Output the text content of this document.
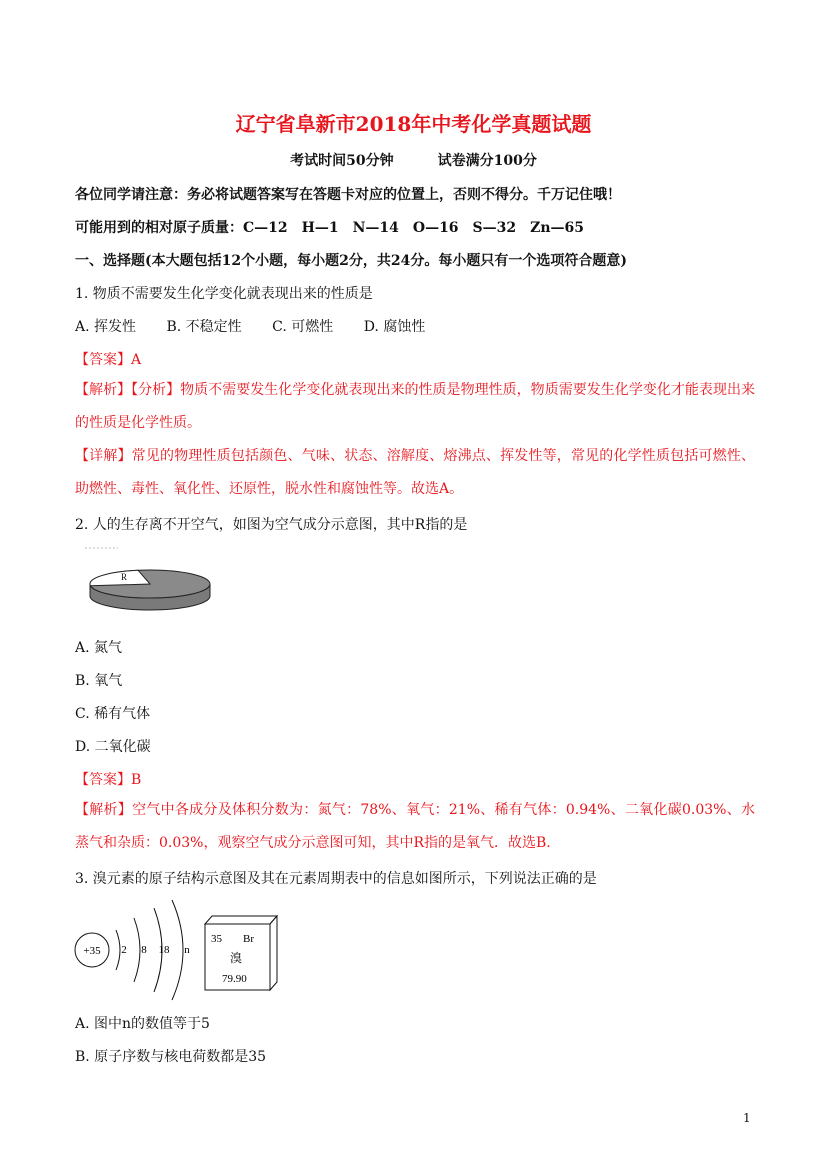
辽宁省阜新市2018年中考化学真题试题
考试时间50分钟	试卷满分100分
各位同学请注意：务必将试题答案写在答题卡对应的位置上，否则不得分。千万记住哦！
可能用到的相对原子质量：C—12　H—1　N—14　O—16　S—32　Zn—65
一、选择题(本大题包括12个小题，每小题2分，共24分。每小题只有一个选项符合题意)
1. 物质不需要发生化学变化就表现出来的性质是
A. 挥发性 B. 不稳定性 C. 可燃性 D. 腐蚀性
【答案】A

【解析】【分析】物质不需要发生化学变化就表现出来的性质是物理性质，物质需要发生化学变化才能表现出来的性质是化学性质。

【详解】常见的物理性质包括颜色、气味、状态、溶解度、熔沸点、挥发性等，常见的化学性质包括可燃性、助燃性、毒性、氧化性、还原性，脱水性和腐蚀性等。故选A。

2. 人的生存离不开空气，如图为空气成分示意图，其中R指的是
R
A. 氮气
B. 氧气
C. 稀有气体
D. 二氧化碳
【答案】B

【解析】空气中各成分及体积分数为：氮气：78%、氧气：21%、稀有气体：0.94%、二氧化碳0.03%、水蒸气和杂质：0.03%，观察空气成分示意图可知，其中R指的是氧气．故选B.

3. 溴元素的原子结构示意图及其在元素周期表中的信息如图所示，下列说法正确的是
+35 2 8 18 n
35 Br
溴
79.90
A. 图中n的数值等于5
B. 原子序数与核电荷数都是35
1
